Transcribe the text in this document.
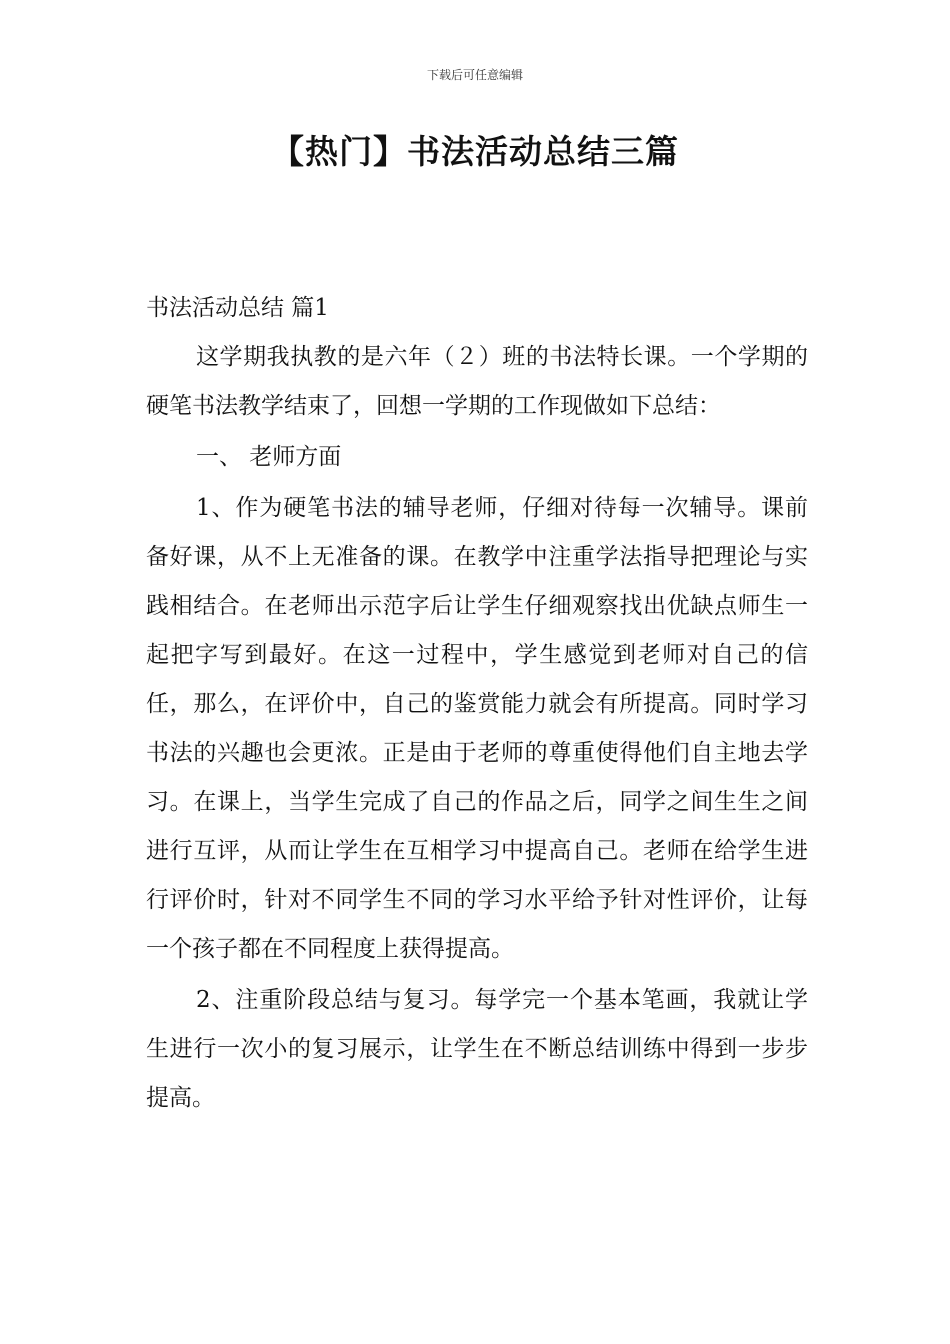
下载后可任意编辑
【热门】书法活动总结三篇

书法活动总结 篇1

这学期我执教的是六年（２）班的书法特长课。一个学期的硬笔书法教学结束了，回想一学期的工作现做如下总结：

一、 老师方面

1、作为硬笔书法的辅导老师，仔细对待每一次辅导。课前备好课，从不上无准备的课。在教学中注重学法指导把理论与实践相结合。在老师出示范字后让学生仔细观察找出优缺点师生一起把字写到最好。在这一过程中，学生感觉到老师对自己的信任，那么，在评价中，自己的鉴赏能力就会有所提高。同时学习书法的兴趣也会更浓。正是由于老师的尊重使得他们自主地去学习。在课上，当学生完成了自己的作品之后，同学之间生生之间进行互评，从而让学生在互相学习中提高自己。老师在给学生进行评价时，针对不同学生不同的学习水平给予针对性评价，让每一个孩子都在不同程度上获得提高。

2、注重阶段总结与复习。每学完一个基本笔画，我就让学生进行一次小的复习展示，让学生在不断总结训练中得到一步步提高。
